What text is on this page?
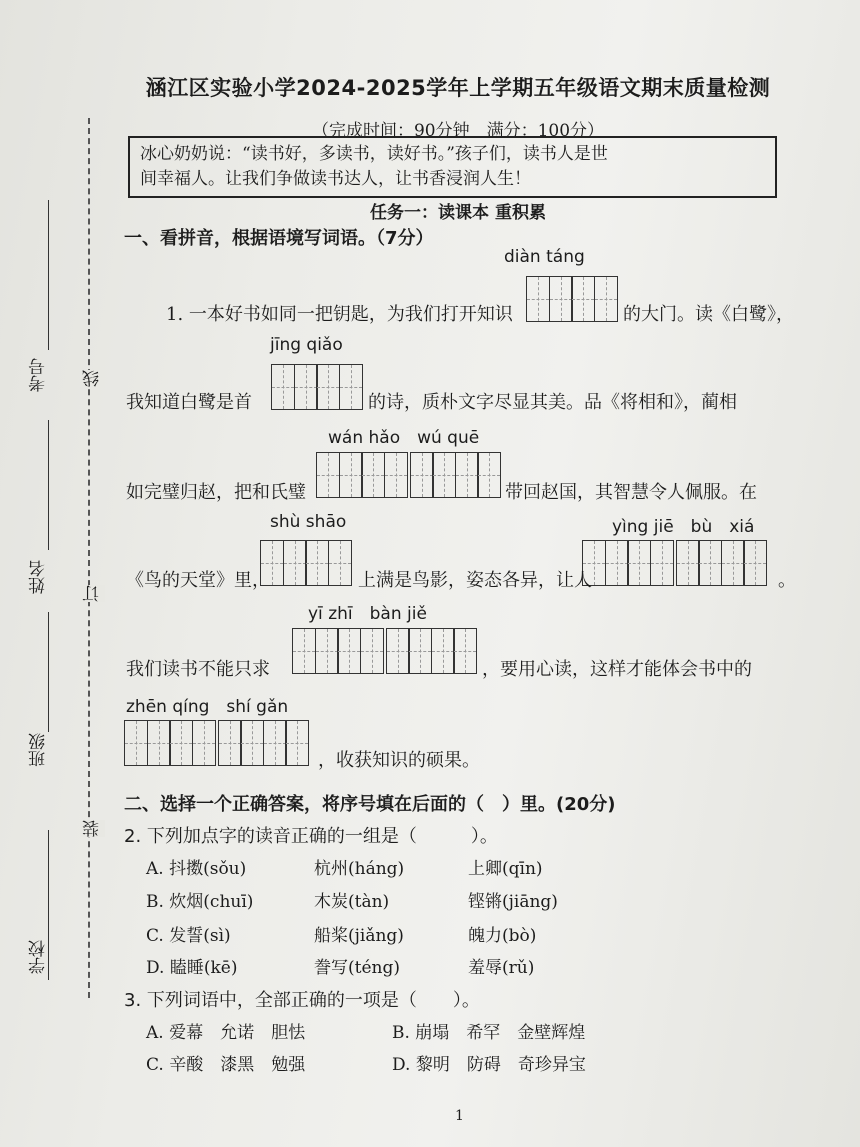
学校
班级
姓名
考号 线
订
装
涵江区实验小学2024-2025学年上学期五年级语文期末质量检测
（完成时间：90分钟　满分：100分）
冰心奶奶说：“读书好，多读书，读好书。”孩子们，读书人是世
间幸福人。让我们争做读书达人，让书香浸润人生！
任务一：读课本 重积累
一、看拼音，根据语境写词语。（7分）
diàn táng
1. 一本好书如同一把钥匙，为我们打开知识	的大门。读《白鹭》，
jīng qiǎo
我知道白鹭是首	的诗，质朴文字尽显其美。品《将相和》，蔺相
wán hǎo　wú quē
如完璧归赵，把和氏璧	带回赵国，其智慧令人佩服。在
shù shāo	yìng jiē　bù　xiá
《鸟的天堂》里，	上满是鸟影，姿态各异，让人	。
yī zhī　bàn jiě
我们读书不能只求	，要用心读，这样才能体会书中的
zhēn qíng　shí gǎn
，收获知识的硕果。
二、选择一个正确答案，将序号填在后面的（　）里。(20分)
2. 下列加点字的读音正确的一组是（　　　）。
A. 抖擞(sǒu)	杭州(háng)	上卿(qīn)
B. 炊烟(chuī)	木炭(tàn)	铿锵(jiāng)
C. 发誓(sì)	船桨(jiǎng)	魄力(bò)
D. 瞌睡(kē)	誊写(téng)	羞辱(rǔ)
3. 下列词语中，全部正确的一项是（　　）。
A. 爱幕　允诺　胆怯	B. 崩塌　希罕　金壁辉煌
C. 辛酸　漆黑　勉强	D. 黎明　防碍　奇珍异宝
1
